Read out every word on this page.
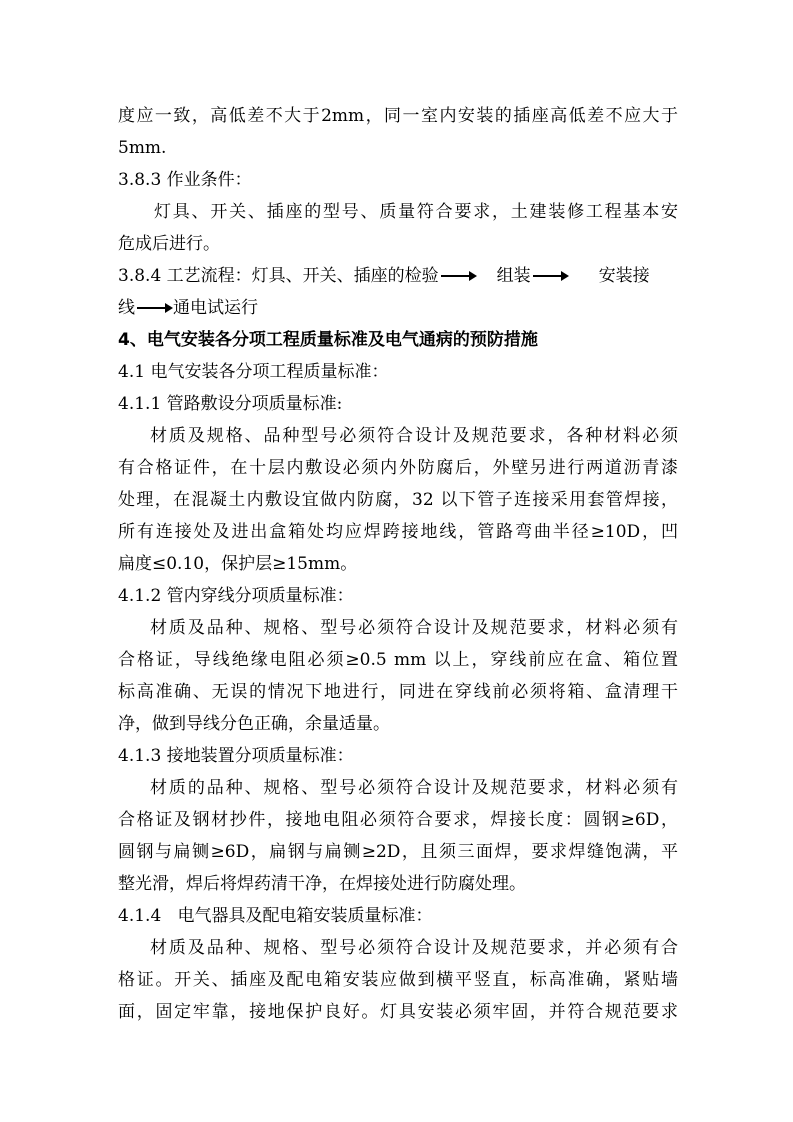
度应一致，高低差不大于2mm，同一室内安装的插座高低差不应大于
5mm.
3.8.3 作业条件：
灯具、开关、插座的型号、质量符合要求，土建装修工程基本安
危成后进行。
3.8.4 工艺流程：灯具、开关、插座的检验	组装	安装接
线 通电试运行
4、电气安装各分项工程质量标准及电气通病的预防措施
4.1 电气安装各分项工程质量标准：
4.1.1 管路敷设分项质量标准:
材质及规格、品种型号必须符合设计及规范要求，各种材料必须
有合格证件，在十层内敷设必须内外防腐后，外壁另进行两道沥青漆
处理，在混凝土内敷设宜做内防腐，32 以下管子连接采用套管焊接，
所有连接处及进出盒箱处均应焊跨接地线，管路弯曲半径≥10D，凹
扁度≤0.10，保护层≥15mm。
4.1.2 管内穿线分项质量标准：
材质及品种、规格、型号必须符合设计及规范要求，材料必须有
合格证，导线绝缘电阻必须≥0.5 mm 以上，穿线前应在盒、箱位置
标高准确、无误的情况下地进行，同进在穿线前必须将箱、盒清理干
净，做到导线分色正确，余量适量。
4.1.3 接地装置分项质量标准：
材质的品种、规格、型号必须符合设计及规范要求，材料必须有
合格证及钢材抄件，接地电阻必须符合要求，焊接长度：圆钢≥6D，
圆钢与扁铡≥6D，扁钢与扁铡≥2D，且须三面焊，要求焊缝饱满，平
整光滑，焊后将焊药清干净，在焊接处进行防腐处理。
4.1.4   电气器具及配电箱安装质量标准：
材质及品种、规格、型号必须符合设计及规范要求，并必须有合
格证。开关、插座及配电箱安装应做到横平竖直，标高准确，紧贴墙
面，固定牢靠，接地保护良好。灯具安装必须牢固，并符合规范要求
